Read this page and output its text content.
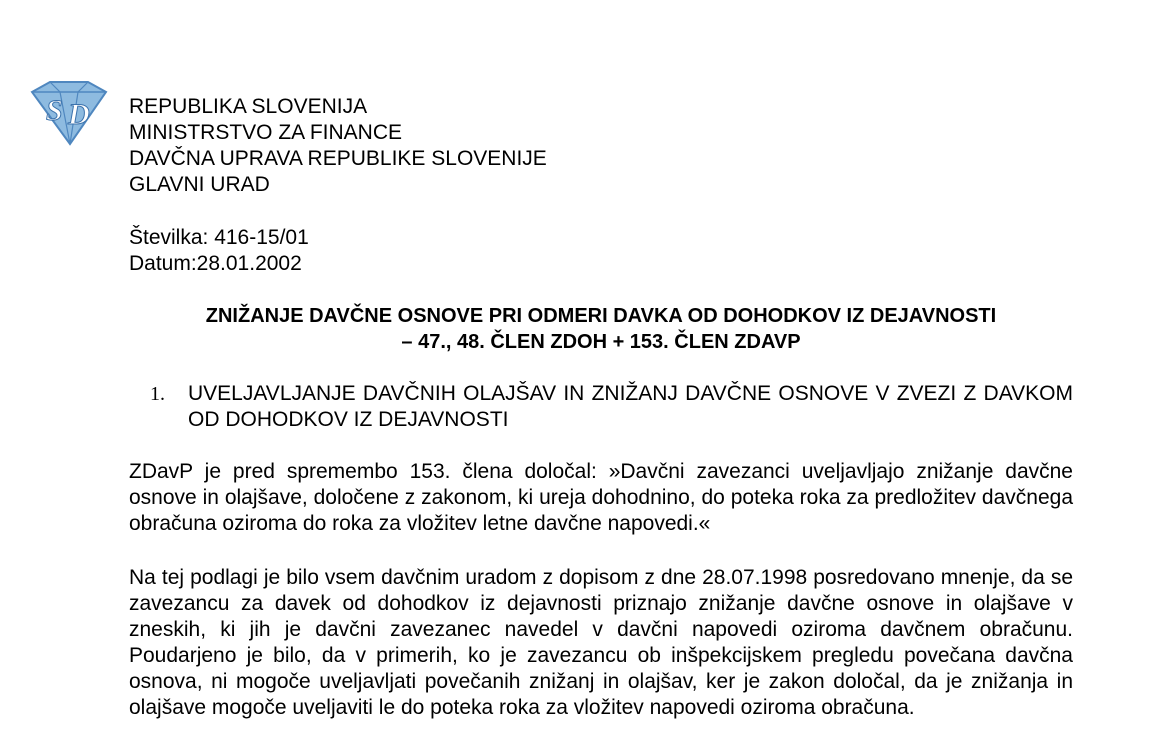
S D REPUBLIKA SLOVENIJA
MINISTRSTVO ZA FINANCE
DAVČNA UPRAVA REPUBLIKE SLOVENIJE
GLAVNI URAD
Številka: 416-15/01
Datum:28.01.2002
ZNIŽANJE DAVČNE OSNOVE PRI ODMERI DAVKA OD DOHODKOV IZ DEJAVNOSTI
– 47., 48. ČLEN ZDOH + 153. ČLEN ZDAVP
1. UVELJAVLJANJE DAVČNIH OLAJŠAV IN ZNIŽANJ DAVČNE OSNOVE V ZVEZI Z DAVKOM OD DOHODKOV IZ DEJAVNOSTI
ZDavP je pred spremembo 153. člena določal: »Davčni zavezanci uveljavljajo znižanje davčne osnove in olajšave, določene z zakonom, ki ureja dohodnino, do poteka roka za predložitev davčnega obračuna oziroma do roka za vložitev letne davčne napovedi.«
Na tej podlagi je bilo vsem davčnim uradom z dopisom z dne 28.07.1998 posredovano mnenje, da se zavezancu za davek od dohodkov iz dejavnosti priznajo znižanje davčne osnove in olajšave v zneskih, ki jih je davčni zavezanec navedel v davčni napovedi oziroma davčnem obračunu. Poudarjeno je bilo, da v primerih, ko je zavezancu ob inšpekcijskem pregledu povečana davčna osnova, ni mogoče uveljavljati povečanih znižanj in olajšav, ker je zakon določal, da je znižanja in olajšave mogoče uveljaviti le do poteka roka za vložitev napovedi oziroma obračuna.
